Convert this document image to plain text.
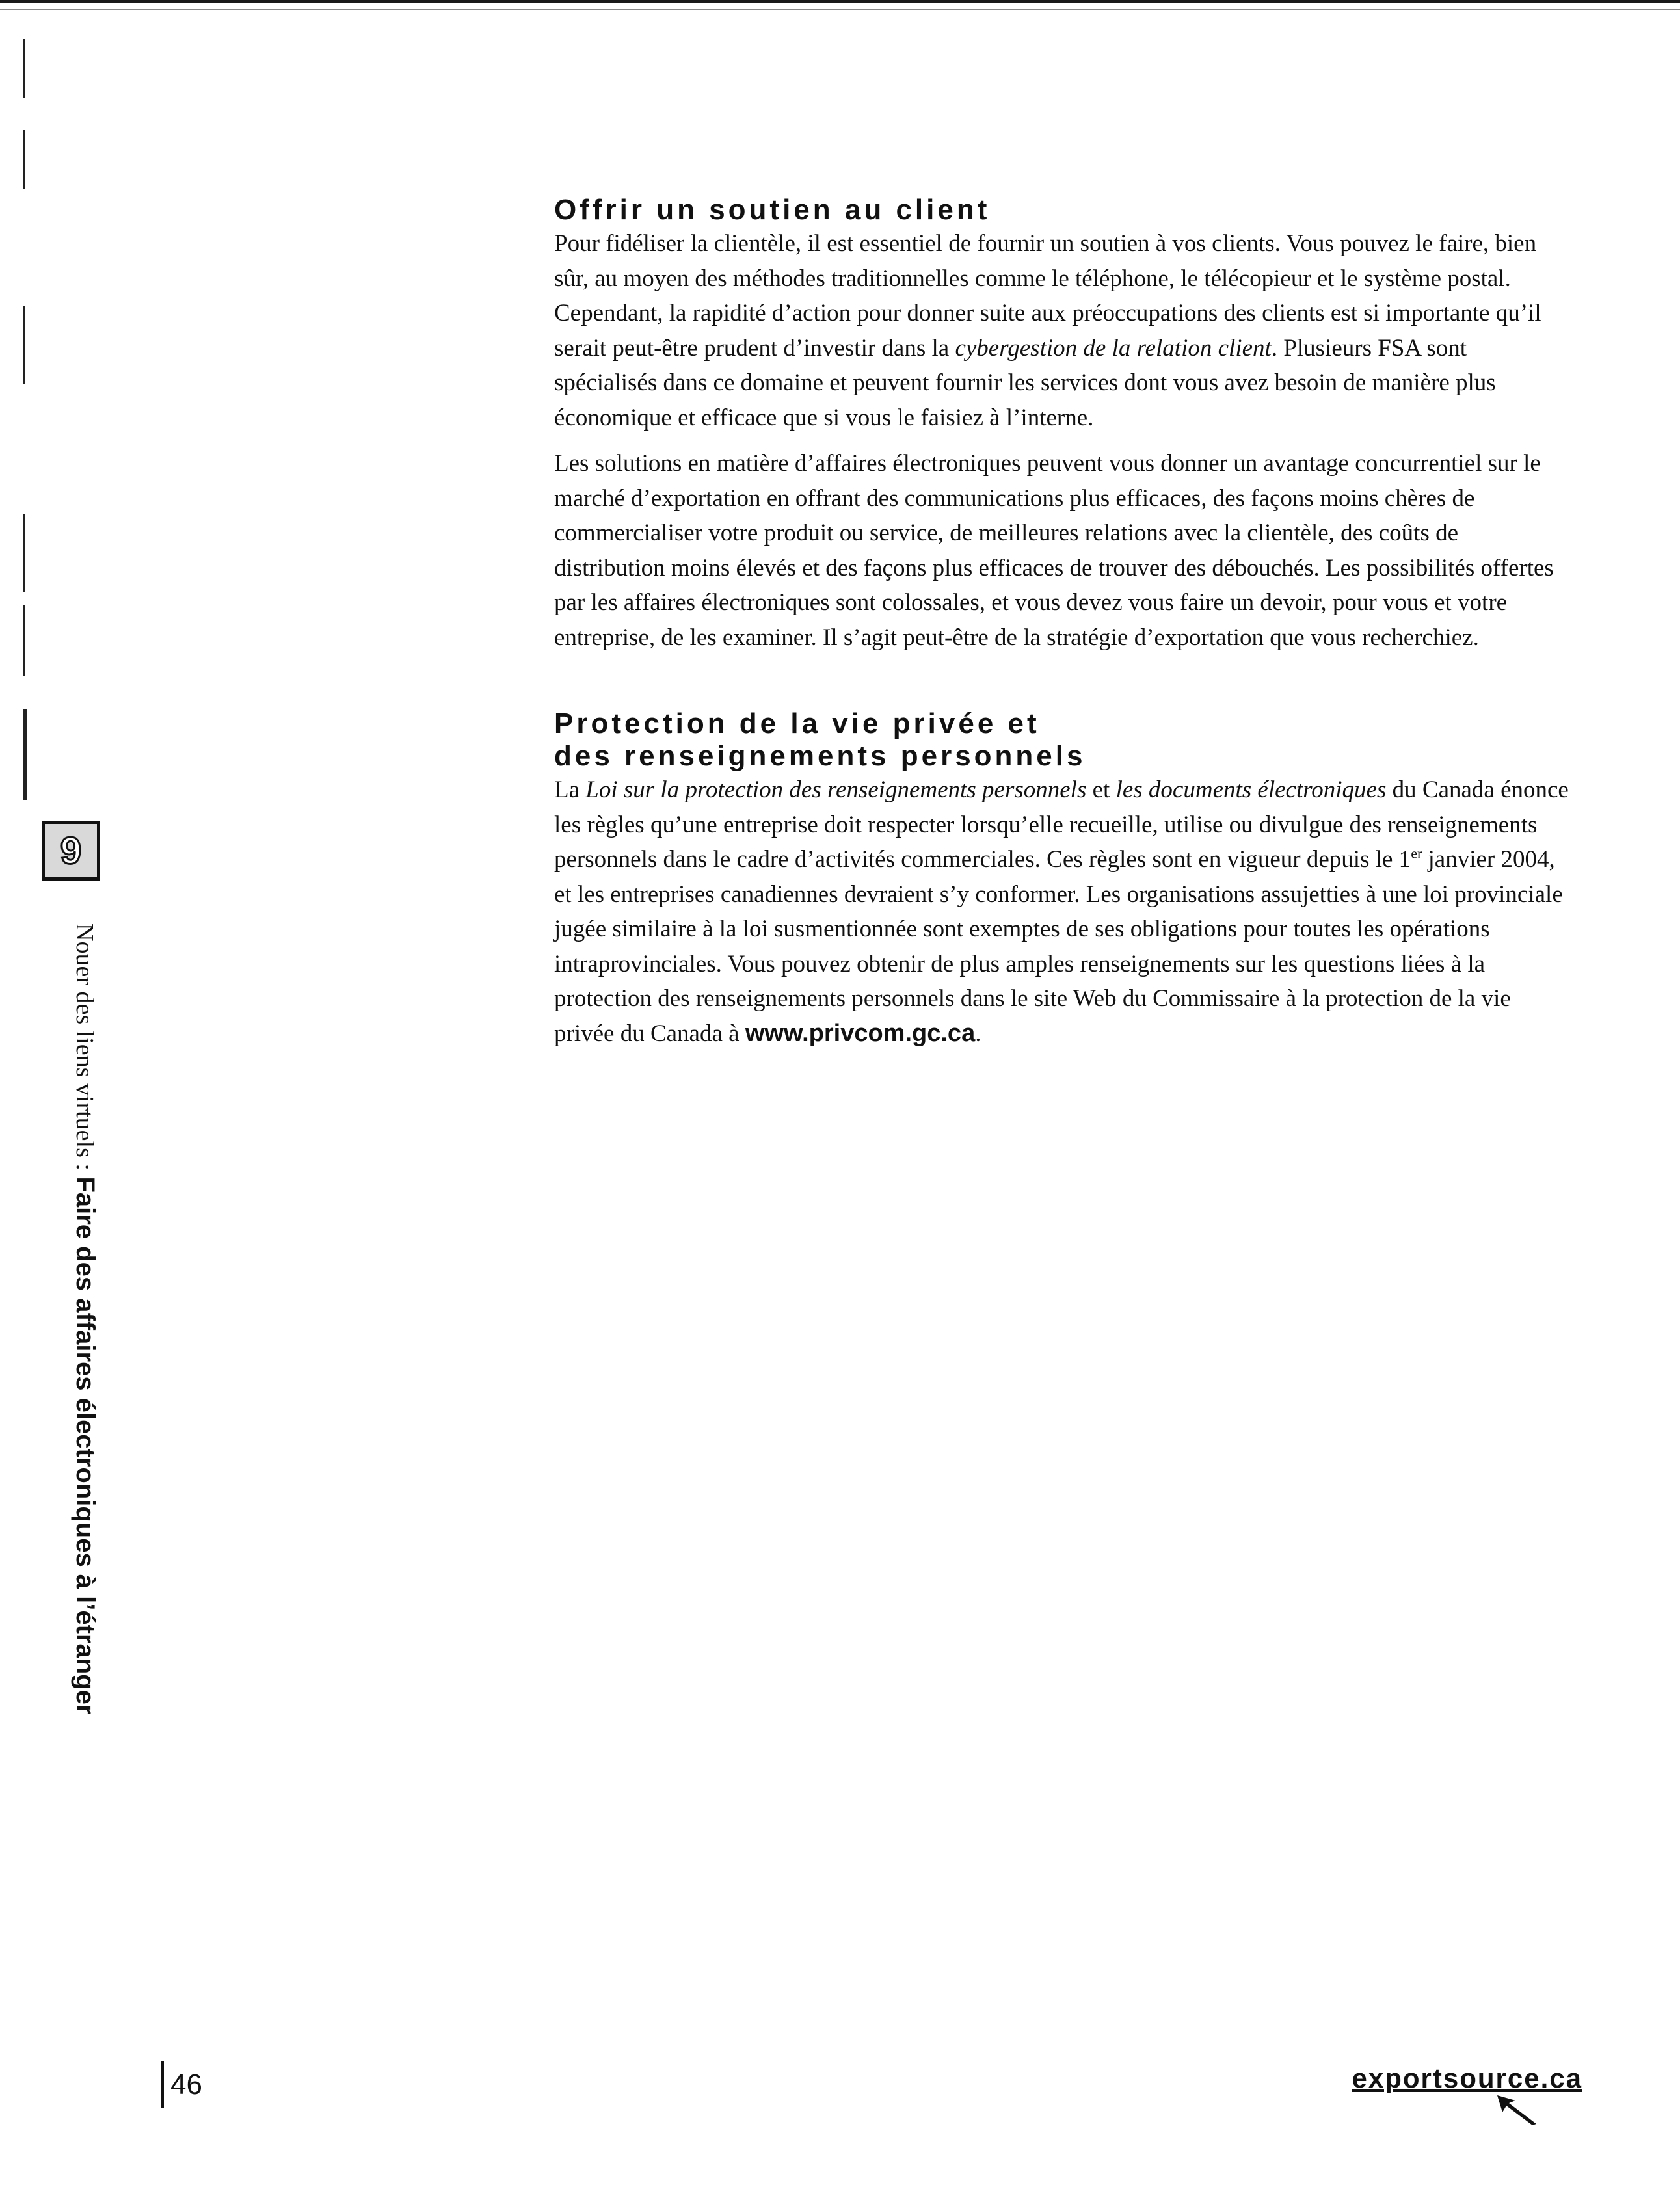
Offrir un soutien au client

Pour fidéliser la clientèle, il est essentiel de fournir un soutien à vos clients. Vous pouvez le faire, bien sûr, au moyen des méthodes traditionnelles comme le téléphone, le télécopieur et le système postal. Cependant, la rapidité d’action pour donner suite aux préoccupations des clients est si importante qu’il serait peut-être prudent d’investir dans la cybergestion de la relation client. Plusieurs FSA sont spécialisés dans ce domaine et peuvent fournir les services dont vous avez besoin de manière plus économique et efficace que si vous le faisiez à l’interne.

Les solutions en matière d’affaires électroniques peuvent vous donner un avantage concurrentiel sur le marché d’exportation en offrant des communications plus efficaces, des façons moins chères de commercialiser votre produit ou service, de meilleures relations avec la clientèle, des coûts de distribution moins élevés et des façons plus efficaces de trouver des débouchés. Les possibilités offertes par les affaires électroniques sont colossales, et vous devez vous faire un devoir, pour vous et votre entreprise, de les examiner. Il s’agit peut-être de la stratégie d’exportation que vous recherchiez.

Protection de la vie privée et
des renseignements personnels

La Loi sur la protection des renseignements personnels et les documents électroniques du Canada énonce les règles qu’une entreprise doit respecter lorsqu’elle recueille, utilise ou divulgue des renseignements personnels dans le cadre d’activités commerciales. Ces règles sont en vigueur depuis le 1er janvier 2004, et les entreprises canadiennes devraient s’y conformer. Les organisations assujetties à une loi provinciale jugée similaire à la loi susmentionnée sont exemptes de ses obligations pour toutes les opérations intraprovinciales. Vous pouvez obtenir de plus amples renseignements sur les questions liées à la protection des renseignements personnels dans le site Web du Commissaire à la protection de la vie privée du Canada à www.privcom.gc.ca.

9
Nouer des liens virtuels : Faire des affaires électroniques à l’étranger
46	exportsource.ca
